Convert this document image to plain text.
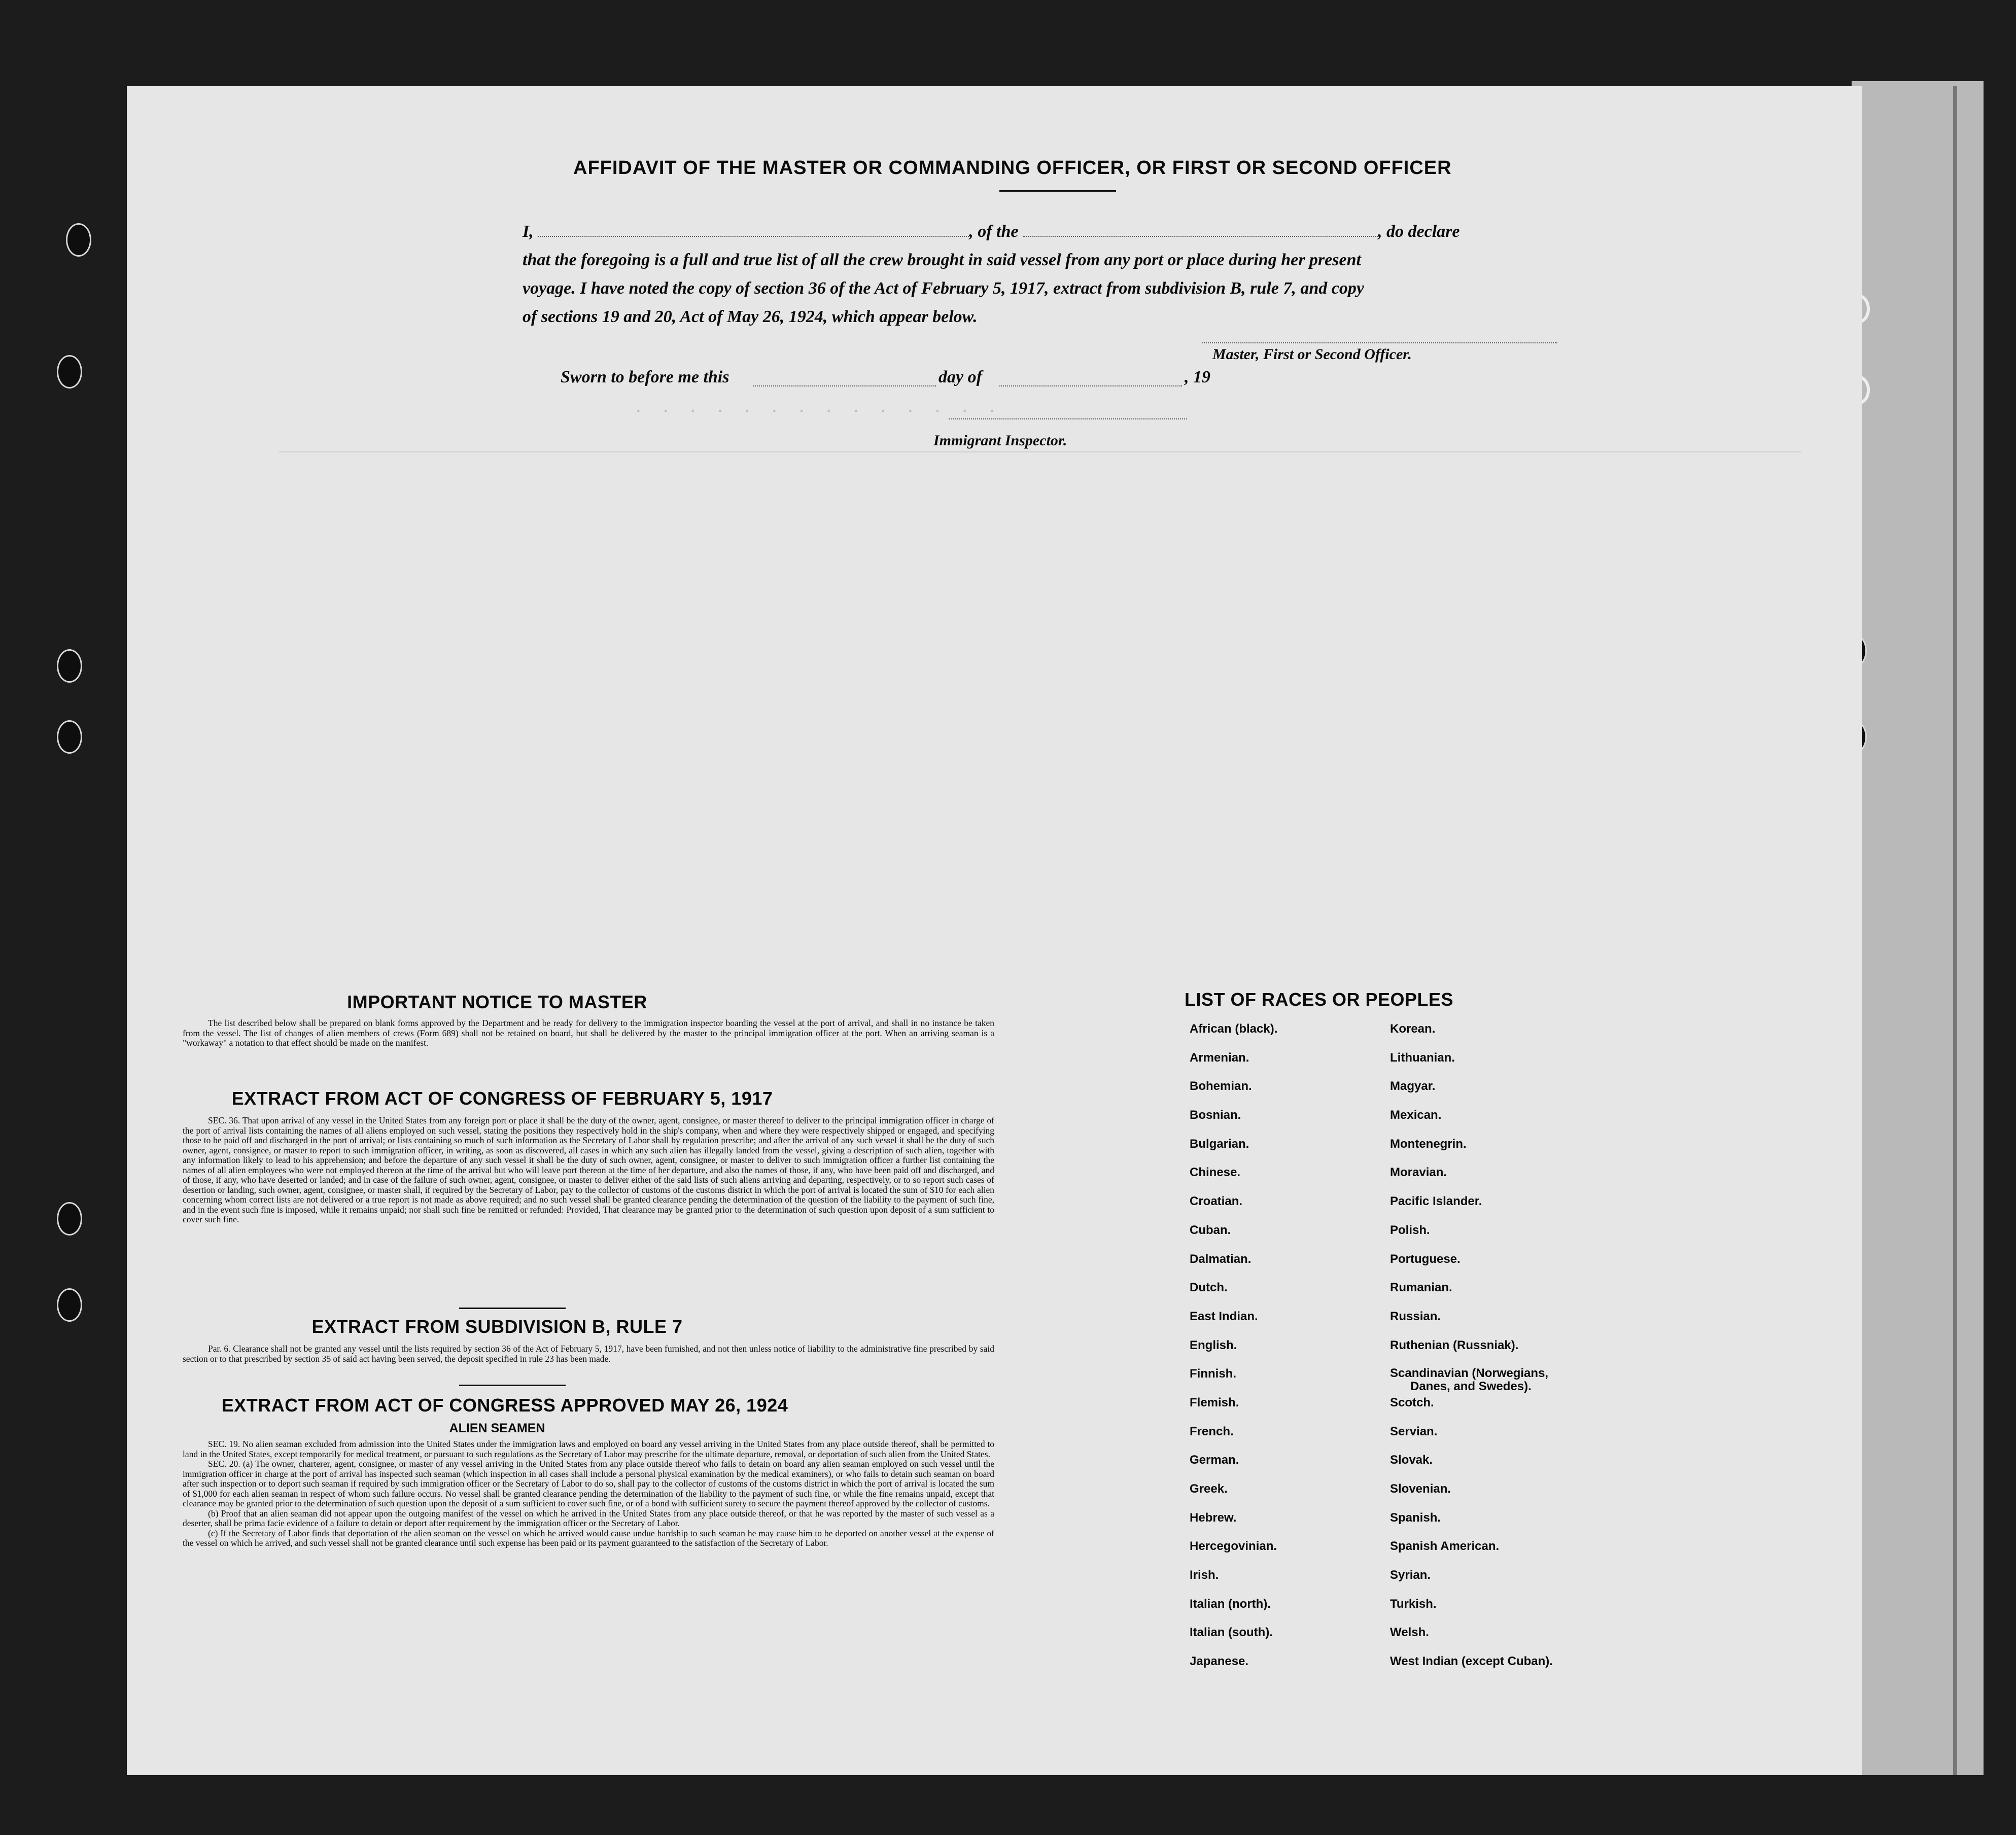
. . . . . . . . . . . . . .
AFFIDAVIT OF THE MASTER OR COMMANDING OFFICER, OR FIRST OR SECOND OFFICER
I,	, of the	, do declare
that the foregoing is a full and true list of all the crew brought in said vessel from any port or place during her present
voyage. I have noted the copy of section 36 of the Act of February 5, 1917, extract from subdivision B, rule 7, and copy
of sections 19 and 20, Act of May 26, 1924, which appear below.
Master, First or Second Officer.
Sworn to before me this	day of	, 19
Immigrant Inspector.
IMPORTANT NOTICE TO MASTER

The list described below shall be prepared on blank forms approved by the Department and be ready for delivery to the immigration inspector boarding the vessel at the port of arrival, and shall in no instance be taken from the vessel. The list of changes of alien members of crews (Form 689) shall not be retained on board, but shall be delivered by the master to the principal immigration officer at the port. When an arriving seaman is a "workaway" a notation to that effect should be made on the manifest.

EXTRACT FROM ACT OF CONGRESS OF FEBRUARY 5, 1917

SEC. 36. That upon arrival of any vessel in the United States from any foreign port or place it shall be the duty of the owner, agent, consignee, or master thereof to deliver to the principal immigration officer in charge of the port of arrival lists containing the names of all aliens employed on such vessel, stating the positions they respectively hold in the ship's company, when and where they were respectively shipped or engaged, and specifying those to be paid off and discharged in the port of arrival; or lists containing so much of such information as the Secretary of Labor shall by regulation prescribe; and after the arrival of any such vessel it shall be the duty of such owner, agent, consignee, or master to report to such immigration officer, in writing, as soon as discovered, all cases in which any such alien has illegally landed from the vessel, giving a description of such alien, together with any information likely to lead to his apprehension; and before the departure of any such vessel it shall be the duty of such owner, agent, consignee, or master to deliver to such immigration officer a further list containing the names of all alien employees who were not employed thereon at the time of the arrival but who will leave port thereon at the time of her departure, and also the names of those, if any, who have been paid off and discharged, and of those, if any, who have deserted or landed; and in case of the failure of such owner, agent, consignee, or master to deliver either of the said lists of such aliens arriving and departing, respectively, or to so report such cases of desertion or landing, such owner, agent, consignee, or master shall, if required by the Secretary of Labor, pay to the collector of customs of the customs district in which the port of arrival is located the sum of $10 for each alien concerning whom correct lists are not delivered or a true report is not made as above required; and no such vessel shall be granted clearance pending the determination of the question of the liability to the payment of such fine, and in the event such fine is imposed, while it remains unpaid; nor shall such fine be remitted or refunded: Provided, That clearance may be granted prior to the determination of such question upon deposit of a sum sufficient to cover such fine.

EXTRACT FROM SUBDIVISION B, RULE 7

Par. 6. Clearance shall not be granted any vessel until the lists required by section 36 of the Act of February 5, 1917, have been furnished, and not then unless notice of liability to the administrative fine prescribed by said section or to that prescribed by section 35 of said act having been served, the deposit specified in rule 23 has been made.

EXTRACT FROM ACT OF CONGRESS APPROVED MAY 26, 1924
ALIEN SEAMEN

SEC. 19. No alien seaman excluded from admission into the United States under the immigration laws and employed on board any vessel arriving in the United States from any place outside thereof, shall be permitted to land in the United States, except temporarily for medical treatment, or pursuant to such regulations as the Secretary of Labor may prescribe for the ultimate departure, removal, or deportation of such alien from the United States.

SEC. 20. (a) The owner, charterer, agent, consignee, or master of any vessel arriving in the United States from any place outside thereof who fails to detain on board any alien seaman employed on such vessel until the immigration officer in charge at the port of arrival has inspected such seaman (which inspection in all cases shall include a personal physical examination by the medical examiners), or who fails to detain such seaman on board after such inspection or to deport such seaman if required by such immigration officer or the Secretary of Labor to do so, shall pay to the collector of customs of the customs district in which the port of arrival is located the sum of $1,000 for each alien seaman in respect of whom such failure occurs. No vessel shall be granted clearance pending the determination of the liability to the payment of such fine, or while the fine remains unpaid, except that clearance may be granted prior to the determination of such question upon the deposit of a sum sufficient to cover such fine, or of a bond with sufficient surety to secure the payment thereof approved by the collector of customs.

(b) Proof that an alien seaman did not appear upon the outgoing manifest of the vessel on which he arrived in the United States from any place outside thereof, or that he was reported by the master of such vessel as a deserter, shall be prima facie evidence of a failure to detain or deport after requirement by the immigration officer or the Secretary of Labor.

(c) If the Secretary of Labor finds that deportation of the alien seaman on the vessel on which he arrived would cause undue hardship to such seaman he may cause him to be deported on another vessel at the expense of the vessel on which he arrived, and such vessel shall not be granted clearance until such expense has been paid or its payment guaranteed to the satisfaction of the Secretary of Labor.

LIST OF RACES OR PEOPLES
African (black).
Armenian.
Bohemian.
Bosnian.
Bulgarian.
Chinese.
Croatian.
Cuban.
Dalmatian.
Dutch.
East Indian.
English.
Finnish.
Flemish.
French.
German.
Greek.
Hebrew.
Hercegovinian.
Irish.
Italian (north).
Italian (south).
Japanese.
Korean.
Lithuanian.
Magyar.
Mexican.
Montenegrin.
Moravian.
Pacific Islander.
Polish.
Portuguese.
Rumanian.
Russian.
Ruthenian (Russniak).
Scandinavian (Norwegians,
Danes, and Swedes).
Scotch.
Servian.
Slovak.
Slovenian.
Spanish.
Spanish American.
Syrian.
Turkish.
Welsh.
West Indian (except Cuban).
